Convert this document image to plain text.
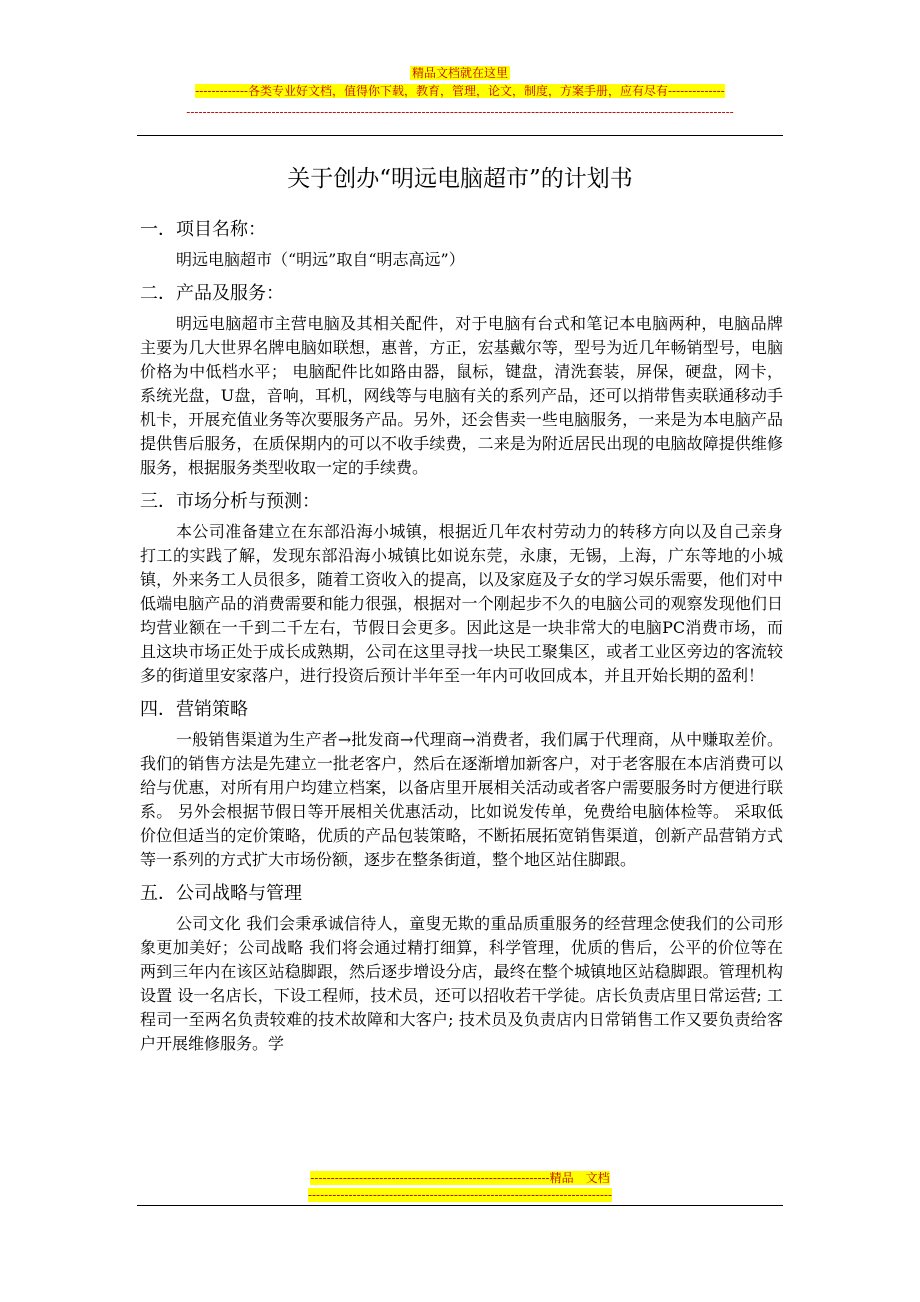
精品文档就在这里
-------------各类专业好文档，值得你下载，教育，管理，论文，制度，方案手册，应有尽有--------------
---------------------------------------------------------------------------------------------------------------------------------------
关于创办“明远电脑超市”的计划书
一．项目名称：

明远电脑超市（“明远”取自“明志高远”）

二．产品及服务：

明远电脑超市主营电脑及其相关配件，对于电脑有台式和笔记本电脑两种，电脑品牌主要为几大世界名牌电脑如联想，惠普，方正，宏基戴尔等，型号为近几年畅销型号，电脑价格为中低档水平； 电脑配件比如路由器，鼠标，键盘，清洗套装，屏保，硬盘，网卡，系统光盘，U盘，音响，耳机，网线等与电脑有关的系列产品，还可以捎带售卖联通移动手机卡，开展充值业务等次要服务产品。另外，还会售卖一些电脑服务，一来是为本电脑产品提供售后服务，在质保期内的可以不收手续费，二来是为附近居民出现的电脑故障提供维修服务，根据服务类型收取一定的手续费。

三．市场分析与预测：

本公司准备建立在东部沿海小城镇，根据近几年农村劳动力的转移方向以及自己亲身打工的实践了解，发现东部沿海小城镇比如说东莞，永康，无锡，上海，广东等地的小城镇，外来务工人员很多，随着工资收入的提高，以及家庭及子女的学习娱乐需要，他们对中低端电脑产品的消费需要和能力很强，根据对一个刚起步不久的电脑公司的观察发现他们日均营业额在一千到二千左右，节假日会更多。因此这是一块非常大的电脑PC消费市场，而且这块市场正处于成长成熟期，公司在这里寻找一块民工聚集区，或者工业区旁边的客流较多的街道里安家落户，进行投资后预计半年至一年内可收回成本，并且开始长期的盈利！

四．营销策略

一般销售渠道为生产者→批发商→代理商→消费者，我们属于代理商，从中赚取差价。我们的销售方法是先建立一批老客户，然后在逐渐增加新客户，对于老客服在本店消费可以给与优惠，对所有用户均建立档案，以备店里开展相关活动或者客户需要服务时方便进行联系。 另外会根据节假日等开展相关优惠活动，比如说发传单，免费给电脑体检等。 采取低价位但适当的定价策略，优质的产品包装策略，不断拓展拓宽销售渠道，创新产品营销方式等一系列的方式扩大市场份额，逐步在整条街道，整个地区站住脚跟。

五．公司战略与管理

公司文化 我们会秉承诚信待人，童叟无欺的重品质重服务的经营理念使我们的公司形象更加美好；公司战略 我们将会通过精打细算，科学管理，优质的售后，公平的价位等在两到三年内在该区站稳脚跟，然后逐步增设分店，最终在整个城镇地区站稳脚跟。管理机构设置 设一名店长，下设工程师，技术员，还可以招收若干学徒。店长负责店里日常运营; 工程司一至两名负责较难的技术故障和大客户; 技术员及负责店内日常销售工作又要负责给客户开展维修服务。学

-----------------------------------------------------------精品　文档
---------------------------------------------------------------------------
